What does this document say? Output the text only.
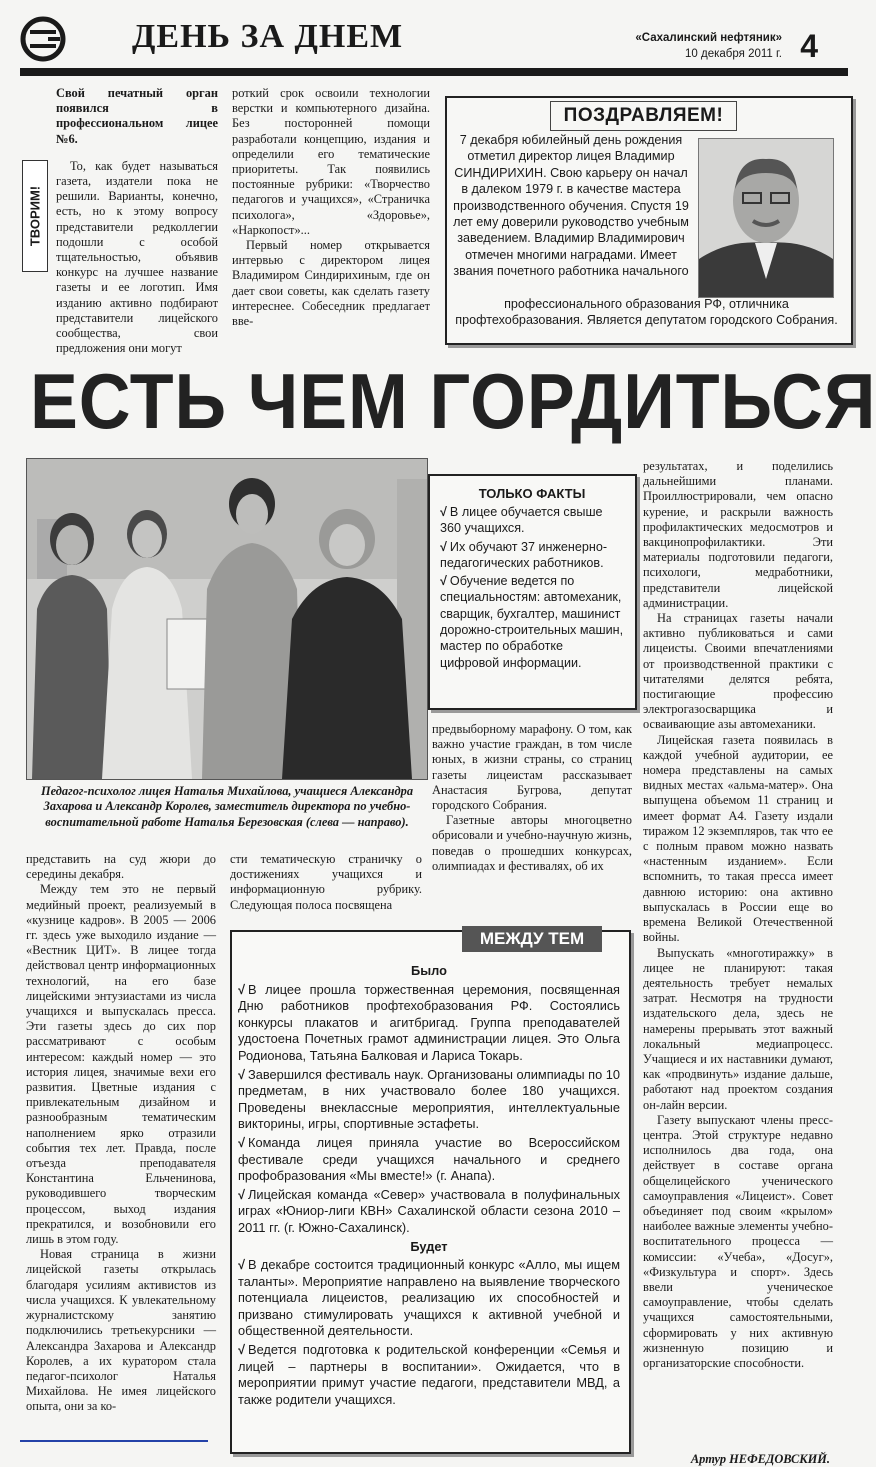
ДЕНЬ ЗА ДНЕМ	«Сахалинский нефтяник»
10 декабря 2011 г. 4
ТВОРИМ!

Свой печатный орган появился в профессиональном лицее №6.

То, как будет называться газета, издатели пока не решили. Варианты, конечно, есть, но к этому вопросу представители редколлегии подошли с особой тщательностью, объявив конкурс на лучшее название газеты и ее логотип. Имя изданию активно подбирают представители лицейского сообщества, свои предложения они могут

роткий срок освоили технологии верстки и компьютерного дизайна. Без посторонней помощи разработали концепцию, издания и определили его тематические приоритеты. Так появились постоянные рубрики: «Творчество педагогов и учащихся», «Страничка психолога», «Здоровье», «Наркопост»...

Первый номер открывается интервью с директором лицея Владимиром Синдирихиным, где он дает свои советы, как сделать газету интереснее. Собеседник предлагает вве-

ПОЗДРАВЛЯЕМ!

7 декабря юбилейный день рождения отметил директор лицея Владимир СИНДИРИХИН. Свою карьеру он начал в далеком 1979 г. в качестве мастера производственного обучения. Спустя 19 лет ему доверили руководство учебным заведением. Владимир Владимирович отмечен многими наградами. Имеет звания почетного работника начального

профессионального образования РФ, отличника профтехобразования. Является депутатом городского Собрания.

ЕСТЬ ЧЕМ ГОРДИТЬСЯ

Педагог-психолог лицея Наталья Михайлова, учащиеся Александра Захарова и Александр Королев, заместитель директора по учебно-воспитательной работе Наталья Березовская (слева — направо).

ТОЛЬКО ФАКТЫ
√ В лицее обучается свыше 360 учащихся.
√ Их обучают 37 инженерно-педагогических работников.
√ Обучение ведется по специальностям: автомеханик, сварщик, бухгалтер, машинист дорожно-строительных машин, мастер по обработке цифровой информации.

результатах, и поделились дальнейшими планами. Проиллюстрировали, чем опасно курение, и раскрыли важность профилактических медосмотров и вакцинопрофилактики. Эти материалы подготовили педагоги, психологи, медработники, представители лицейской администрации.

На страницах газеты начали активно публиковаться и сами лицеисты. Своими впечатлениями от производственной практики с читателями делятся ребята, постигающие профессию электрогазосварщика и осваивающие азы автомеханики.

Лицейская газета появилась в каждой учебной аудитории, ее номера представлены на самых видных местах «альма-матер». Она выпущена объемом 11 страниц и имеет формат А4. Газету издали тиражом 12 экземпляров, так что ее с полным правом можно назвать «настенным изданием». Если вспомнить, то такая пресса имеет давнюю историю: она активно выпускалась в России еще во времена Великой Отечественной войны.

Выпускать «многотиражку» в лицее не планируют: такая деятельность требует немалых затрат. Несмотря на трудности издательского дела, здесь не намерены прерывать этот важный локальный медиапроцесс. Учащиеся и их наставники думают, как «продвинуть» издание дальше, работают над проектом создания он-лайн версии.

Газету выпускают члены пресс-центра. Этой структуре недавно исполнилось два года, она действует в составе органа общелицейского ученического самоуправления «Лицеист». Совет объединяет под своим «крылом» наиболее важные элементы учебно-воспитательного процесса — комиссии: «Учеба», «Досуг», «Физкультура и спорт». Здесь ввели ученическое самоуправление, чтобы сделать учащихся самостоятельными, сформировать у них активную жизненную позицию и организаторские способности.

предвыборному марафону. О том, как важно участие граждан, в том числе юных, в жизни страны, со страниц газеты лицеистам рассказывает Анастасия Бугрова, депутат городского Собрания.

Газетные авторы многоцветно обрисовали и учебно-научную жизнь, поведав о прошедших конкурсах, олимпиадах и фестивалях, об их

представить на суд жюри до середины декабря.

Между тем это не первый медийный проект, реализуемый в «кузнице кадров». В 2005 — 2006 гг. здесь уже выходило издание — «Вестник ЦИТ». В лицее тогда действовал центр информационных технологий, на его базе лицейскими энтузиастами из числа учащихся и выпускалась пресса. Эти газеты здесь до сих пор рассматривают с особым интересом: каждый номер — это история лицея, значимые вехи его развития. Цветные издания с привлекательным дизайном и разнообразным тематическим наполнением ярко отразили события тех лет. Правда, после отъезда преподавателя Константина Ельченинова, руководившего творческим процессом, выход издания прекратился, и возобновили его лишь в этом году.

Новая страница в жизни лицейской газеты открылась благодаря усилиям активистов из числа учащихся. К увлекательному журналистскому занятию подключились третьекурсники — Александра Захарова и Александр Королев, а их куратором стала педагог-психолог Наталья Михайлова. Не имея лицейского опыта, они за ко-

сти тематическую страничку о достижениях учащихся и информационную рубрику. Следующая полоса посвящена

МЕЖДУ ТЕМ
Было
√ В лицее прошла торжественная церемония, посвященная Дню работников профтехобразования РФ. Состоялись конкурсы плакатов и агитбригад. Группа преподавателей удостоена Почетных грамот администрации лицея. Это Ольга Родионова, Татьяна Балковая и Лариса Токарь.
√ Завершился фестиваль наук. Организованы олимпиады по 10 предметам, в них участвовало более 180 учащихся. Проведены внеклассные мероприятия, интеллектуальные викторины, игры, спортивные эстафеты.
√ Команда лицея приняла участие во Всероссийском фестивале среди учащихся начального и среднего профобразования «Мы вместе!» (г. Анапа).
√ Лицейская команда «Север» участвовала в полуфинальных играх «Юниор-лиги КВН» Сахалинской области сезона 2010 – 2011 гг. (г. Южно-Сахалинск).
Будет
√ В декабре состоится традиционный конкурс «Алло, мы ищем таланты». Мероприятие направлено на выявление творческого потенциала лицеистов, реализацию их способностей и призвано стимулировать учащихся к активной учебной и общественной деятельности.
√ Ведется подготовка к родительской конференции «Семья и лицей – партнеры в воспитании». Ожидается, что в мероприятии примут участие педагоги, представители МВД, а также родители учащихся.
Артур НЕФЕДОВСКИЙ.
